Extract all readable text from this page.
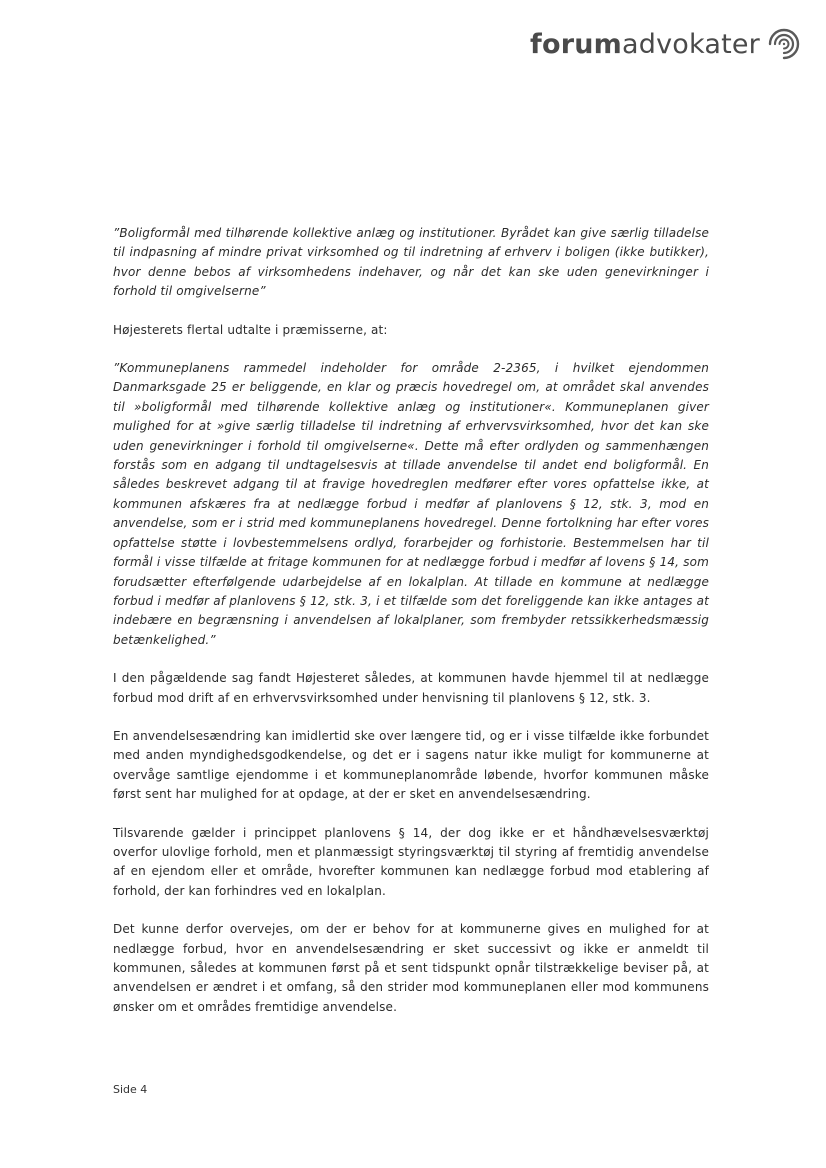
forumadvokater

”Boligformål med tilhørende kollektive anlæg og institutioner. Byrådet kan give særlig tilladelse til indpasning af mindre privat virksomhed og til indretning af erhverv i boligen (ikke butikker), hvor denne bebos af virksomhedens indehaver, og når det kan ske uden genevirkninger i forhold til omgivelserne”

Højesterets flertal udtalte i præmisserne, at:

”Kommuneplanens rammedel indeholder for område 2-2365, i hvilket ejendommen Danmarksgade 25 er beliggende, en klar og præcis hovedregel om, at området skal anvendes til »boligformål med tilhørende kollektive anlæg og institutioner«. Kommuneplanen giver mulighed for at »give særlig tilladelse til indretning af erhvervsvirksomhed, hvor det kan ske uden genevirkninger i forhold til omgivelserne«. Dette må efter ordlyden og sammenhængen forstås som en adgang til undtagelsesvis at tillade anvendelse til andet end boligformål. En således beskrevet adgang til at fravige hovedreglen medfører efter vores opfattelse ikke, at kommunen afskæres fra at nedlægge forbud i medfør af planlovens § 12, stk. 3, mod en anvendelse, som er i strid med kommuneplanens hovedregel. Denne fortolkning har efter vores opfattelse støtte i lovbestemmelsens ordlyd, forarbejder og forhistorie. Bestemmelsen har til formål i visse tilfælde at fritage kommunen for at nedlægge forbud i medfør af lovens § 14, som forudsætter efterfølgende udarbejdelse af en lokalplan. At tillade en kommune at nedlægge forbud i medfør af planlovens § 12, stk. 3, i et tilfælde som det foreliggende kan ikke antages at indebære en begrænsning i anvendelsen af lokalplaner, som frembyder retssikkerhedsmæssig betænkelighed.”

I den pågældende sag fandt Højesteret således, at kommunen havde hjemmel til at nedlægge forbud mod drift af en erhvervsvirksomhed under henvisning til planlovens § 12, stk. 3.

En anvendelsesændring kan imidlertid ske over længere tid, og er i visse tilfælde ikke forbundet med anden myndighedsgodkendelse, og det er i sagens natur ikke muligt for kommunerne at overvåge samtlige ejendomme i et kommuneplanområde løbende, hvorfor kommunen måske først sent har mulighed for at opdage, at der er sket en anvendelsesændring.

Tilsvarende gælder i princippet planlovens § 14, der dog ikke er et håndhævelsesværktøj overfor ulovlige forhold, men et planmæssigt styringsværktøj til styring af fremtidig anvendelse af en ejendom eller et område, hvorefter kommunen kan nedlægge forbud mod etablering af forhold, der kan forhindres ved en lokalplan.

Det kunne derfor overvejes, om der er behov for at kommunerne gives en mulighed for at nedlægge forbud, hvor en anvendelsesændring er sket successivt og ikke er anmeldt til kommunen, således at kommunen først på et sent tidspunkt opnår tilstrækkelige beviser på, at anvendelsen er ændret i et omfang, så den strider mod kommuneplanen eller mod kommunens ønsker om et områdes fremtidige anvendelse.

Side 4
